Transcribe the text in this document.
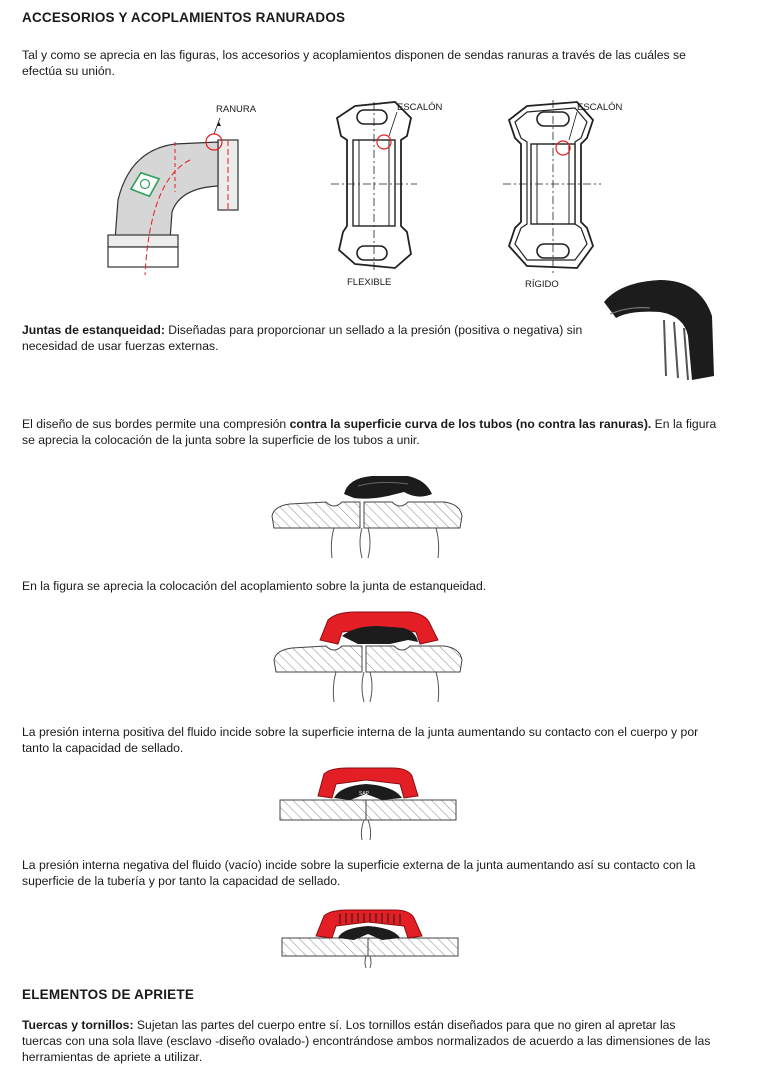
ACCESORIOS Y ACOPLAMIENTOS RANURADOS

Tal y como se aprecia en las figuras, los accesorios y acoplamientos disponen de sendas ranuras a través de las cuáles se efectúa su unión.

RANURA	ESCALÓN
FLEXIBLE
ESCALÓN
RÍGIDO

Juntas de estanqueidad: Diseñadas para proporcionar un sellado a la presión (positiva o negativa) sin necesidad de usar fuerzas externas.

El diseño de sus bordes permite una compresión contra la superficie curva de los tubos (no contra las ranuras). En la figura se aprecia la colocación de la junta sobre la superficie de los tubos a unir.

En la figura se aprecia la colocación del acoplamiento sobre la junta de estanqueidad.

La presión interna positiva del fluido incide sobre la superficie interna de la junta aumentando su contacto con el cuerpo y por tanto la capacidad de sellado.

SAP

La presión interna negativa del fluido (vacío) incide sobre la superficie externa de la junta aumentando así su contacto con la superficie de la tubería y por tanto la capacidad de sellado.

ELEMENTOS DE APRIETE

Tuercas y tornillos: Sujetan las partes del cuerpo entre sí. Los tornillos están diseñados para que no giren al apretar las tuercas con una sola llave (esclavo -diseño ovalado-) encontrándose ambos normalizados de acuerdo a las dimensiones de las herramientas de apriete a utilizar.
